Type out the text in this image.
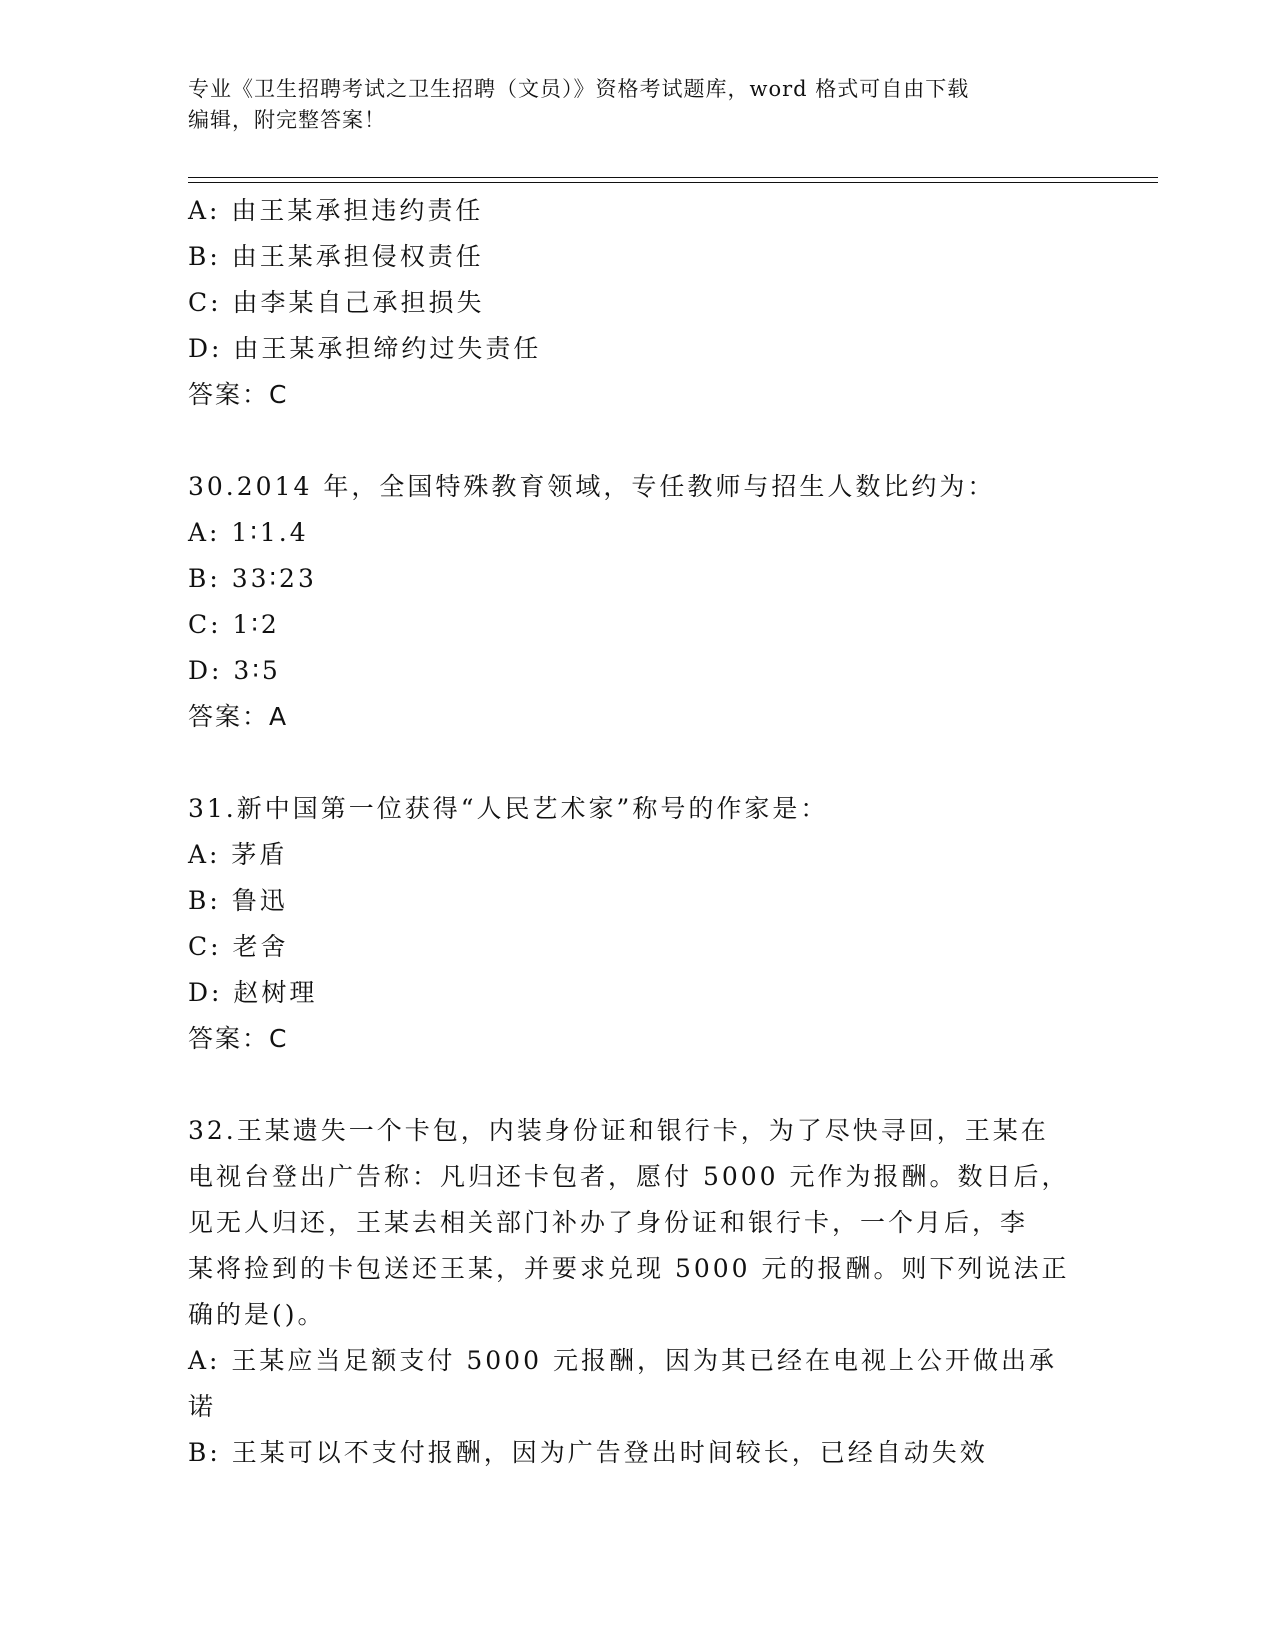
专业《卫生招聘考试之卫生招聘（文员）》资格考试题库，word 格式可自由下载
编辑，附完整答案！
A: 由王某承担违约责任
B: 由王某承担侵权责任
C: 由李某自己承担损失
D: 由王某承担缔约过失责任
答案：C
30.2014 年，全国特殊教育领域，专任教师与招生人数比约为：
A: 1∶1.4
B: 33∶23
C: 1∶2
D: 3∶5
答案：A
31.新中国第一位获得“人民艺术家”称号的作家是：
A: 茅盾
B: 鲁迅
C: 老舍
D: 赵树理
答案：C
32.王某遗失一个卡包，内装身份证和银行卡，为了尽快寻回，王某在
电视台登出广告称：凡归还卡包者，愿付 5000 元作为报酬。数日后，
见无人归还，王某去相关部门补办了身份证和银行卡，一个月后，李
某将捡到的卡包送还王某，并要求兑现 5000 元的报酬。则下列说法正
确的是()。
A: 王某应当足额支付 5000 元报酬，因为其已经在电视上公开做出承
诺
B: 王某可以不支付报酬，因为广告登出时间较长，已经自动失效
